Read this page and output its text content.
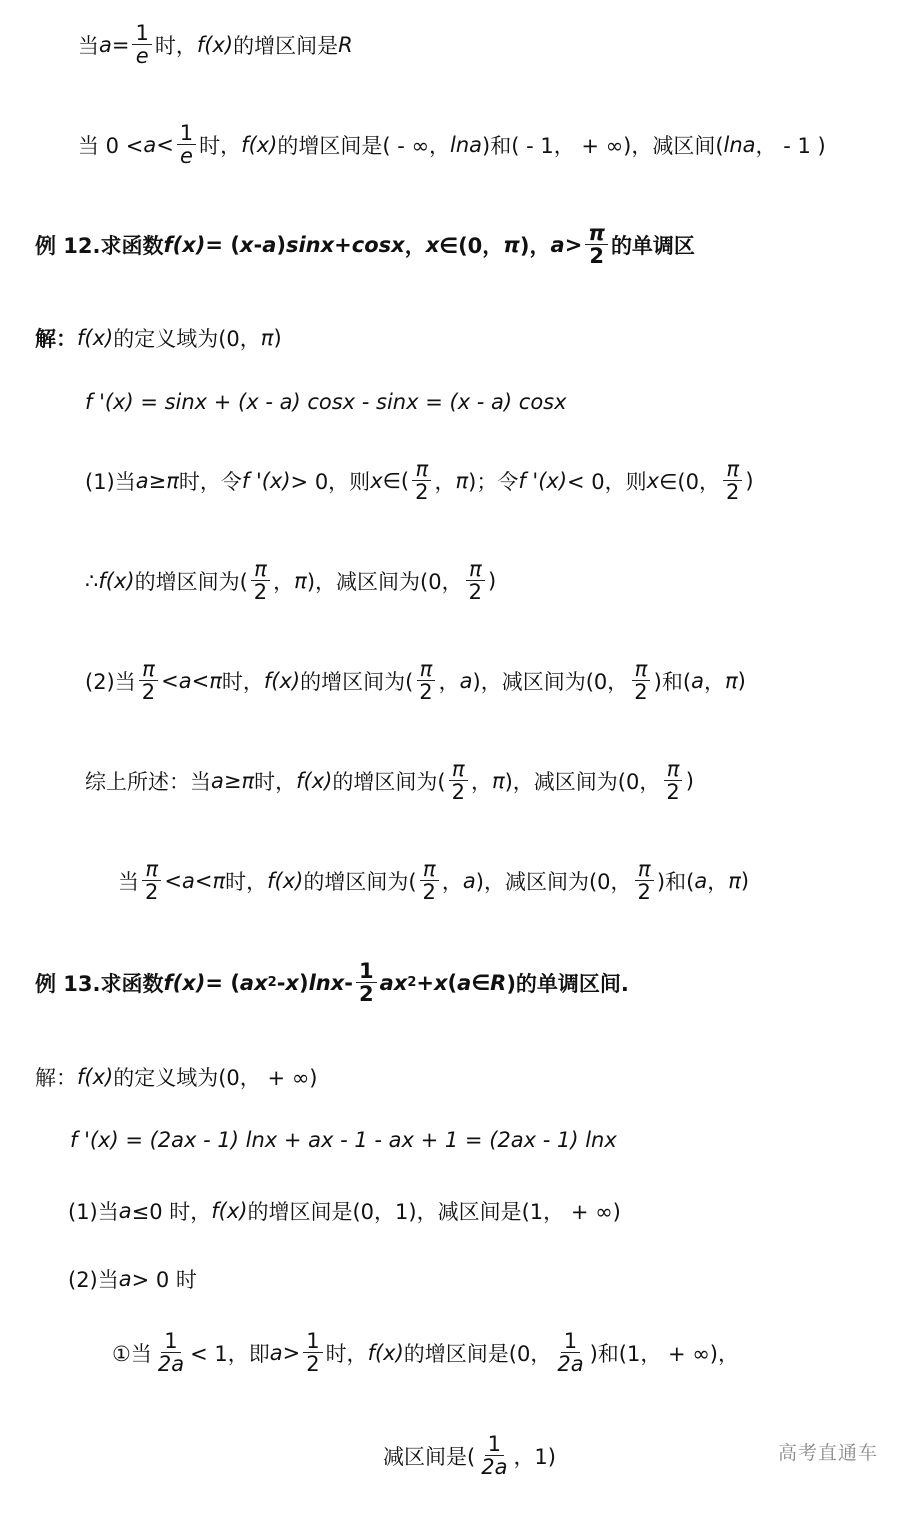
当 $a = \frac{1}{e}$ 时， f(x) 的增区间是 R
当 $0 < a < \frac{1}{e}$ 时， f(x) 的增区间是( - ∞， lna )和( - 1， + ∞)，减区间( lna ， - 1 )
例 12.求函数 f(x) = ( x - a ) sinx + cosx ， x ∈(0， π )， $a > \frac{\pi}{2}$ 的单调区
解： f(x) 的定义域为(0， π )
f '(x) = sinx + (x - a) cosx - sinx = (x - a) cosx
(1)当 a ≥ π 时，令 f '(x) > 0，则 x ∈( $\frac{\pi}{2}$ ， π )；令 f '(x) < 0，则 x ∈(0， $\frac{\pi}{2}$ )
∴ f(x) 的增区间为( $\frac{\pi}{2}$ ， π )，减区间为(0， $\frac{\pi}{2}$ )
(2)当 $\frac{\pi}{2} < a < \pi$ 时， f(x) 的增区间为( $\frac{\pi}{2}$ ， a )，减区间为(0， $\frac{\pi}{2}$ )和( a ， π )
综上所述：当 a ≥ π 时， f(x) 的增区间为( $\frac{\pi}{2}$ ， π )，减区间为(0， $\frac{\pi}{2}$ )
当 $\frac{\pi}{2} < a < \pi$ 时， f(x) 的增区间为( $\frac{\pi}{2}$ ， a )，减区间为(0， $\frac{\pi}{2}$ )和( a ， π )
例 13.求函数 f(x) = ( ax 2 - x ) lnx - $\frac{1}{2}$ ax 2 + x ( a ∈ R )的单调区间.
解： f(x) 的定义域为(0， + ∞)
f '(x) = (2ax - 1) lnx + ax - 1 - ax + 1 = (2ax - 1) lnx
(1)当 a ≤0 时， f(x) 的增区间是(0，1)，减区间是(1， + ∞)
(2)当 a > 0 时
①当 $\frac{1}{2a} < 1$，即 $a > \frac{1}{2}$ 时， f(x) 的增区间是(0， $\frac{1}{2a}$ )和(1， + ∞)，
减区间是( $\frac{1}{2a}$ ，1)	高考直通车
